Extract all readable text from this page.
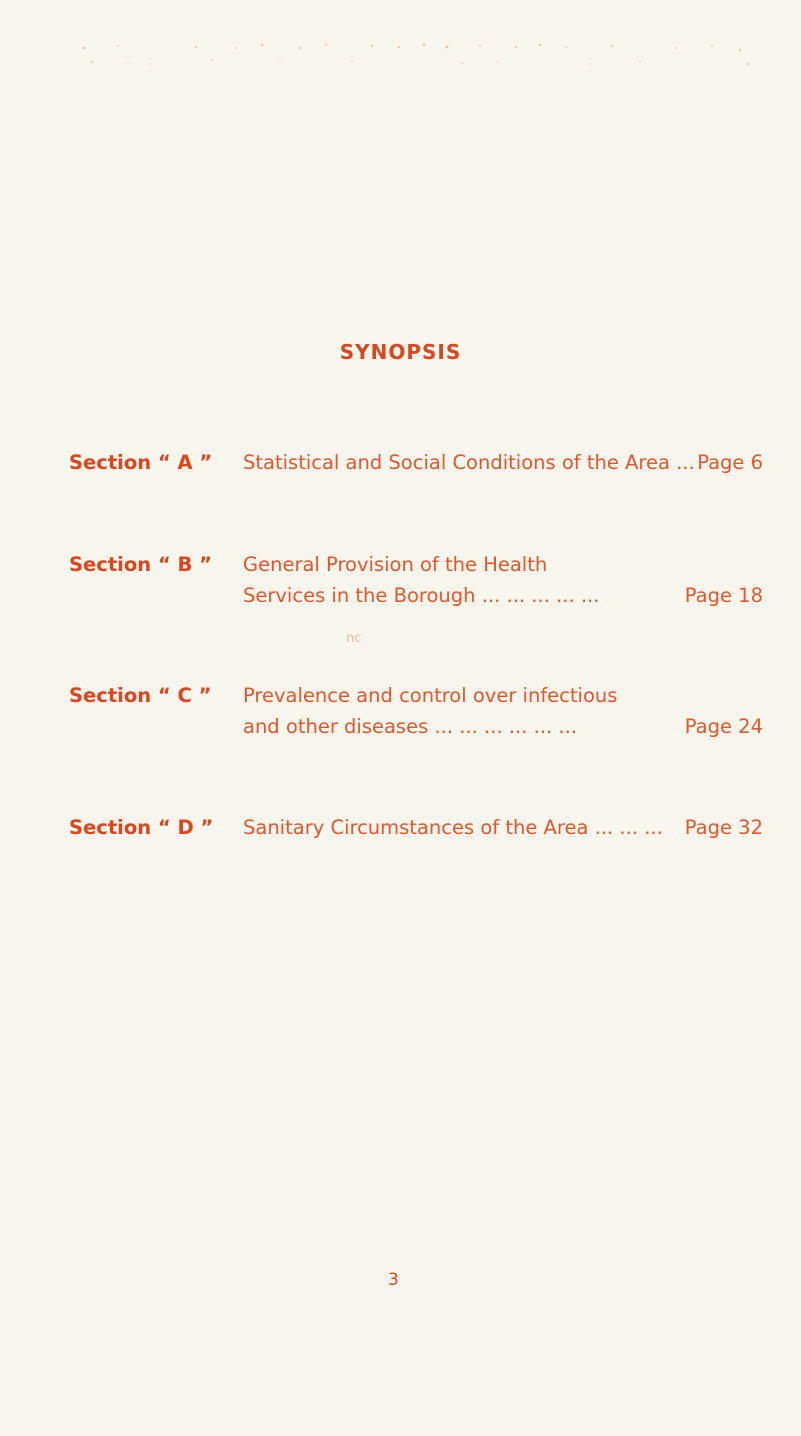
SYNOPSIS
nc
Section “ A ” Statistical and Social Conditions of the Area ... Page 6
Section “ B ” General Provision of the Health
Services in the Borough ... ... ... ... ...	Page 18
Section “ C ” Prevalence and control over infectious
and other diseases ... ... ... ... ... ...	Page 24
Section “ D ” Sanitary Circumstances of the Area ... ... ... Page 32
3
